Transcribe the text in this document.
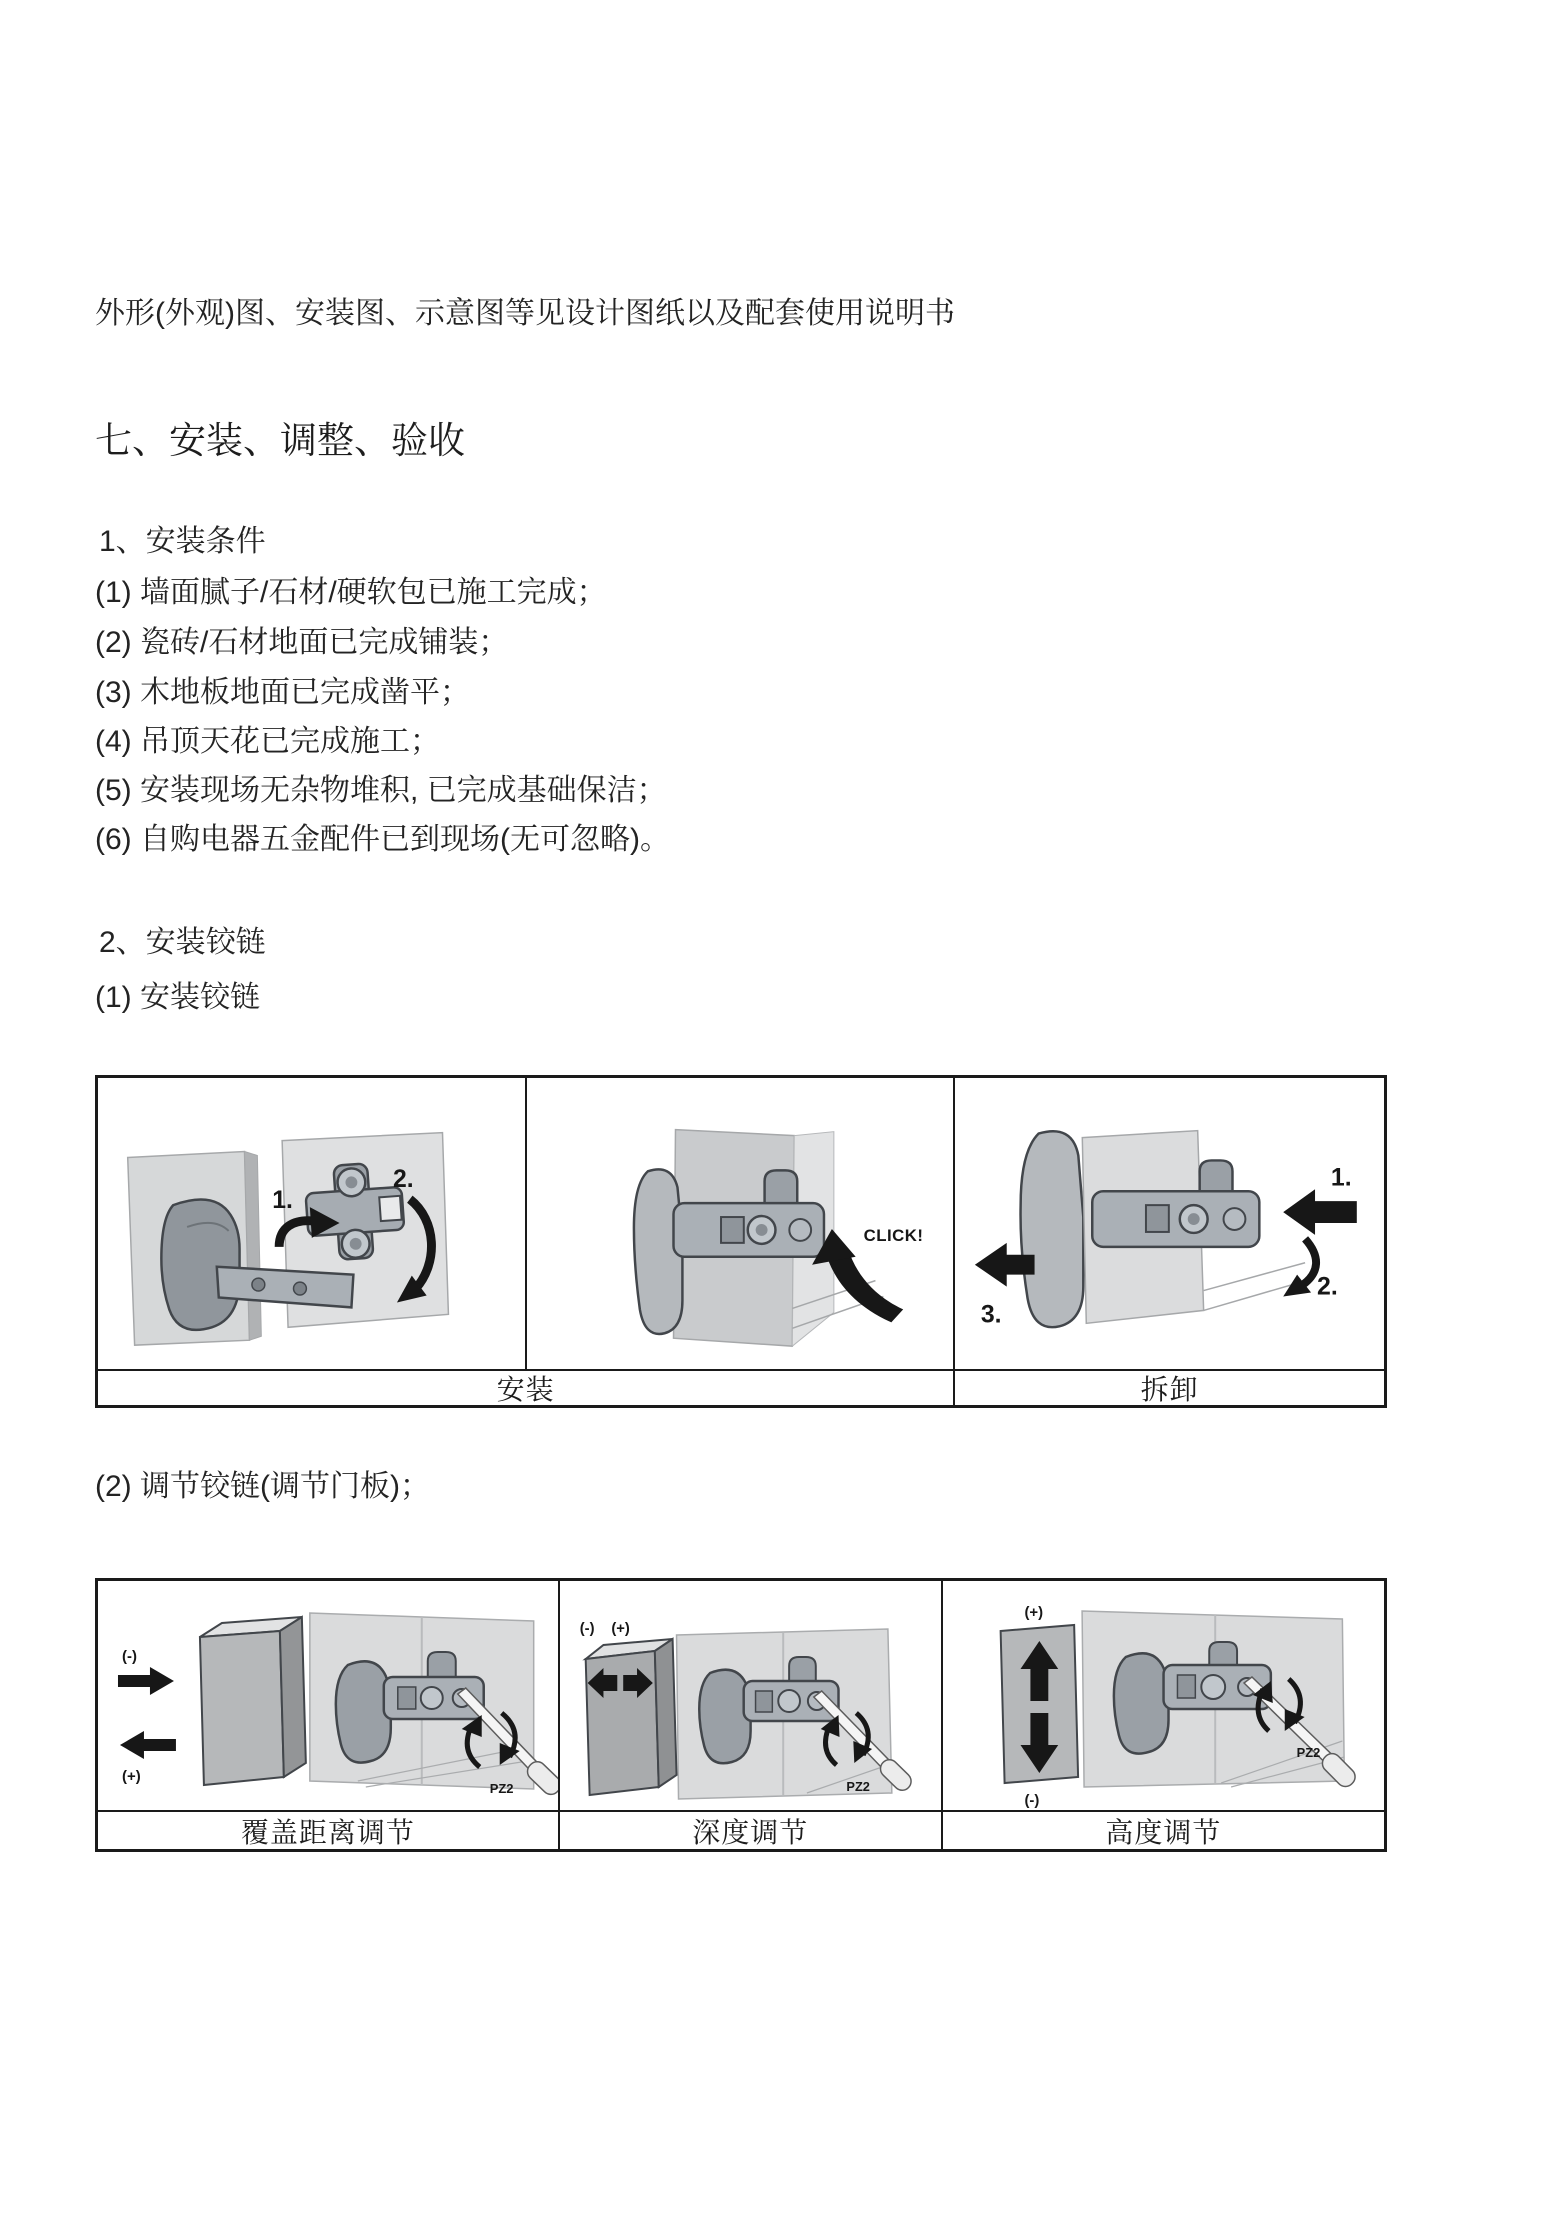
外形(外观)图、安装图、示意图等见设计图纸以及配套使用说明书

七、安装、调整、验收

1、安装条件

(1) 墙面腻子/石材/硬软包已施工完成；

(2) 瓷砖/石材地面已完成铺装；

(3) 木地板地面已完成凿平；

(4) 吊顶天花已完成施工；

(5) 安装现场无杂物堆积, 已完成基础保洁；

(6) 自购电器五金配件已到现场(无可忽略)。

2、安装铰链

(1) 安装铰链

1.
2.
CLICK!
1.
2.
3.
安装	拆卸

(2) 调节铰链(调节门板)；

(-)
(+)
PZ2
(-) (+)
PZ2
(+)
(-)
PZ2
覆盖距离调节	深度调节	高度调节
